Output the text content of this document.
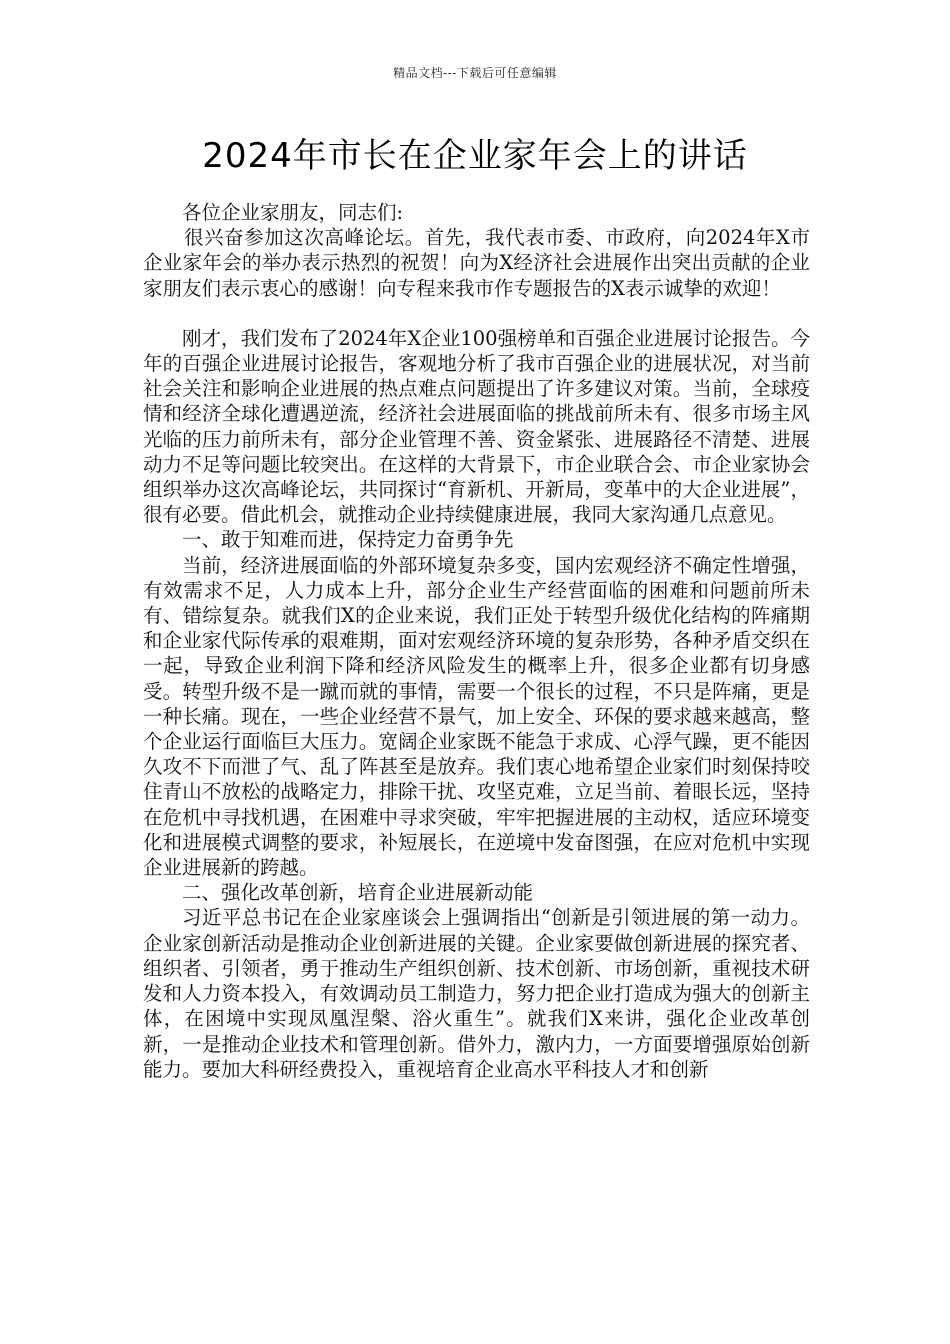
精品文档---下载后可任意编辑
2024年市长在企业家年会上的讲话

各位企业家朋友，同志们:

很兴奋参加这次高峰论坛。首先，我代表市委、市政府，向2024年X市企业家年会的举办表示热烈的祝贺！向为X经济社会进展作出突出贡献的企业家朋友们表示衷心的感谢！向专程来我市作专题报告的X表示诚挚的欢迎！

刚才，我们发布了2024年X企业100强榜单和百强企业进展讨论报告。今年的百强企业进展讨论报告，客观地分析了我市百强企业的进展状况，对当前社会关注和影响企业进展的热点难点问题提出了许多建议对策。当前，全球疫情和经济全球化遭遇逆流，经济社会进展面临的挑战前所未有、很多市场主风光临的压力前所未有，部分企业管理不善、资金紧张、进展路径不清楚、进展动力不足等问题比较突出。在这样的大背景下，市企业联合会、市企业家协会组织举办这次高峰论坛，共同探讨“育新机、开新局，变革中的大企业进展”，很有必要。借此机会，就推动企业持续健康进展，我同大家沟通几点意见。

一、敢于知难而进，保持定力奋勇争先

当前，经济进展面临的外部环境复杂多变，国内宏观经济不确定性增强，有效需求不足，人力成本上升，部分企业生产经营面临的困难和问题前所未有、错综复杂。就我们X的企业来说，我们正处于转型升级优化结构的阵痛期和企业家代际传承的艰难期，面对宏观经济环境的复杂形势，各种矛盾交织在一起，导致企业利润下降和经济风险发生的概率上升，很多企业都有切身感受。转型升级不是一蹴而就的事情，需要一个很长的过程，不只是阵痛，更是一种长痛。现在，一些企业经营不景气，加上安全、环保的要求越来越高，整个企业运行面临巨大压力。宽阔企业家既不能急于求成、心浮气躁，更不能因久攻不下而泄了气、乱了阵甚至是放弃。我们衷心地希望企业家们时刻保持咬住青山不放松的战略定力，排除干扰、攻坚克难，立足当前、着眼长远，坚持在危机中寻找机遇，在困难中寻求突破，牢牢把握进展的主动权，适应环境变化和进展模式调整的要求，补短展长，在逆境中发奋图强，在应对危机中实现企业进展新的跨越。

二、强化改革创新，培育企业进展新动能

习近平总书记在企业家座谈会上强调指出“创新是引领进展的第一动力。企业家创新活动是推动企业创新进展的关键。企业家要做创新进展的探究者、组织者、引领者，勇于推动生产组织创新、技术创新、市场创新，重视技术研发和人力资本投入，有效调动员工制造力，努力把企业打造成为强大的创新主体，在困境中实现凤凰涅槃、浴火重生”。就我们X来讲，强化企业改革创新，一是推动企业技术和管理创新。借外力，激内力，一方面要增强原始创新能力。要加大科研经费投入，重视培育企业高水平科技人才和创新
